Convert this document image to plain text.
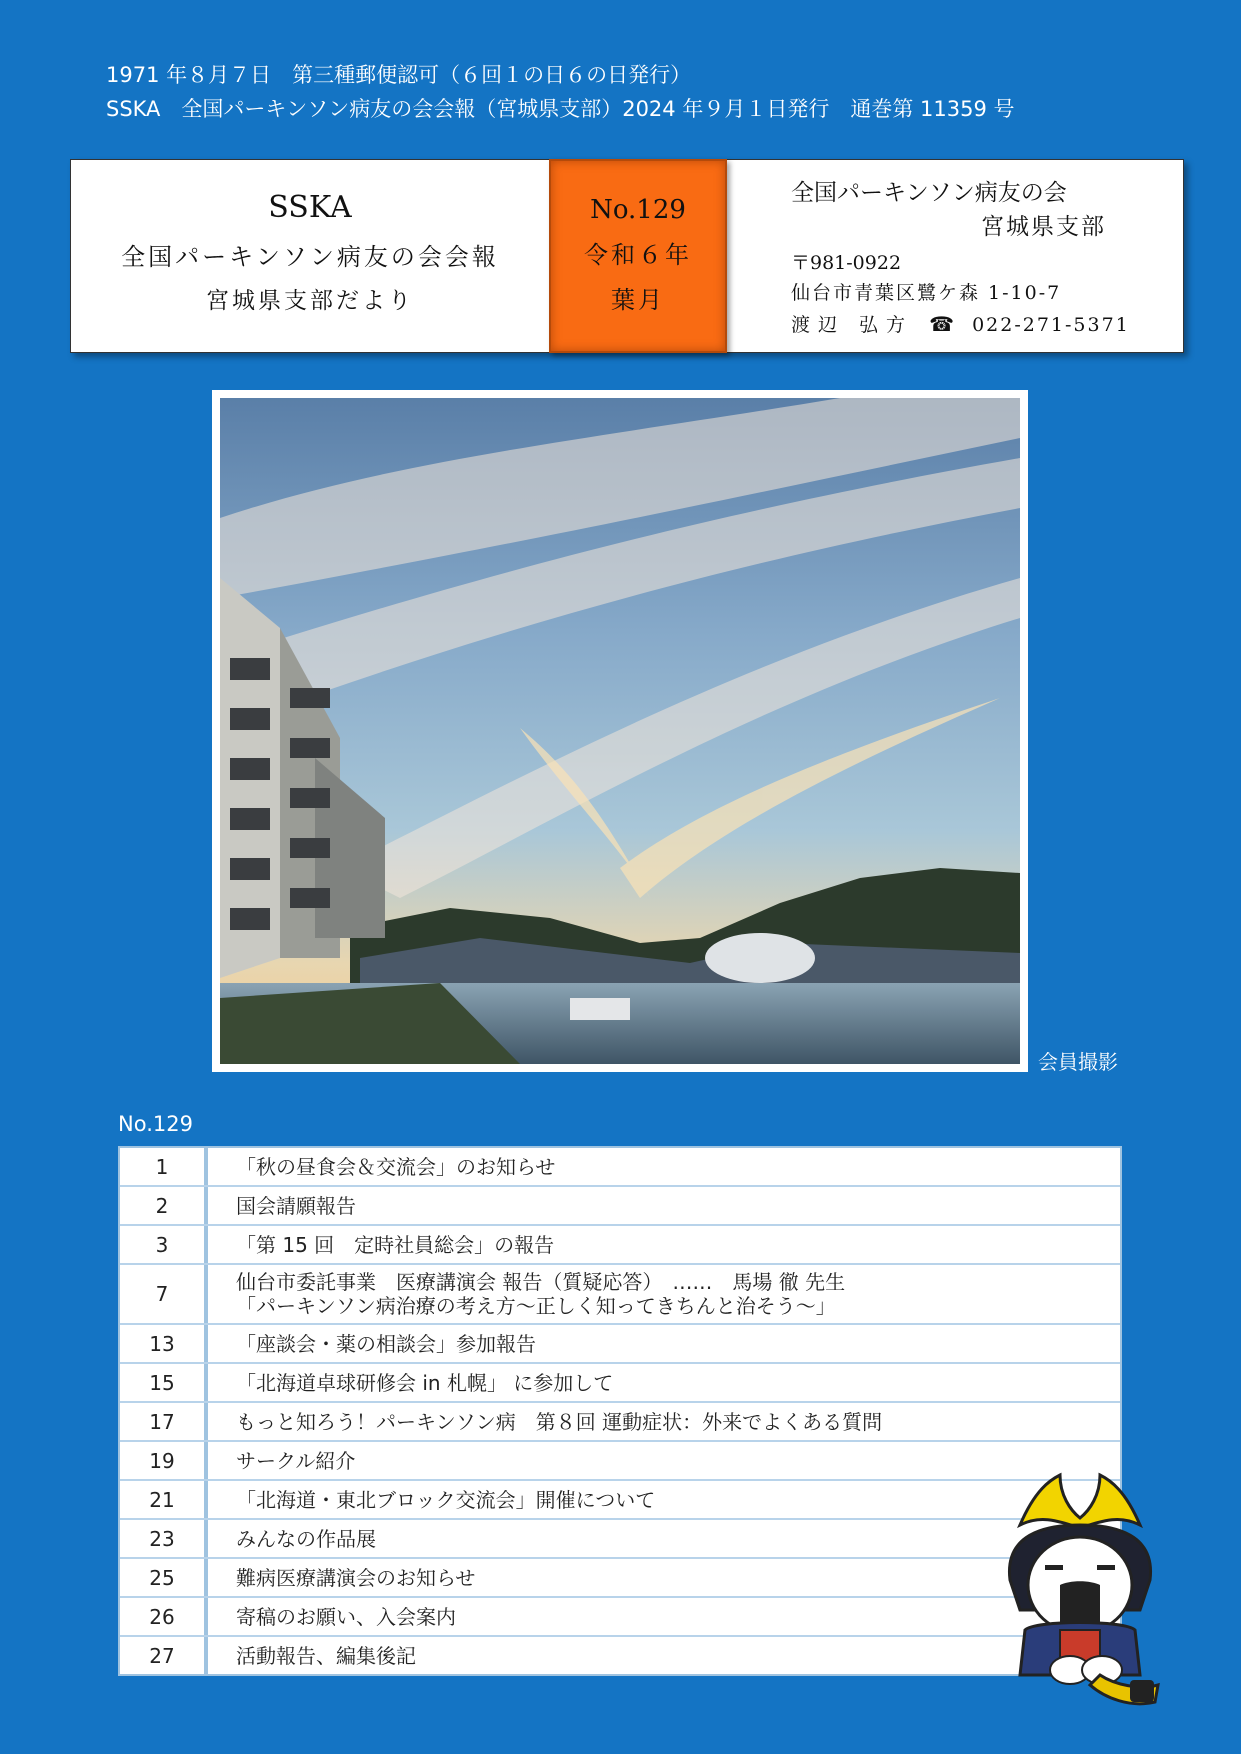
1971 年８月７日　第三種郵便認可（６回１の日６の日発行）
SSKA　全国パーキンソン病友の会会報（宮城県支部）2024 年９月１日発行　通巻第 11359 号
SSKA
全国パーキンソン病友の会会報
宮城県支部だより
No.129
令和６年
葉月
全国パーキンソン病友の会
宮城県支部
〒981-0922
仙台市青葉区鷺ケ森 1-10-7
渡辺 弘方 ☎ 022-271-5371
会員撮影
No.129
1	「秋の昼食会＆交流会」のお知らせ
2	国会請願報告
3	「第 15 回　定時社員総会」の報告
7	仙台市委託事業　医療講演会 報告（質疑応答）　‥‥‥　馬場 徹 先生
「パーキンソン病治療の考え方～正しく知ってきちんと治そう～」
13	「座談会・薬の相談会」参加報告
15	「北海道卓球研修会 in 札幌」 に参加して
17	もっと知ろう！パーキンソン病　第８回 運動症状：外来でよくある質問
19	サークル紹介
21	「北海道・東北ブロック交流会」開催について
23	みんなの作品展
25	難病医療講演会のお知らせ
26	寄稿のお願い、入会案内
27	活動報告、編集後記
